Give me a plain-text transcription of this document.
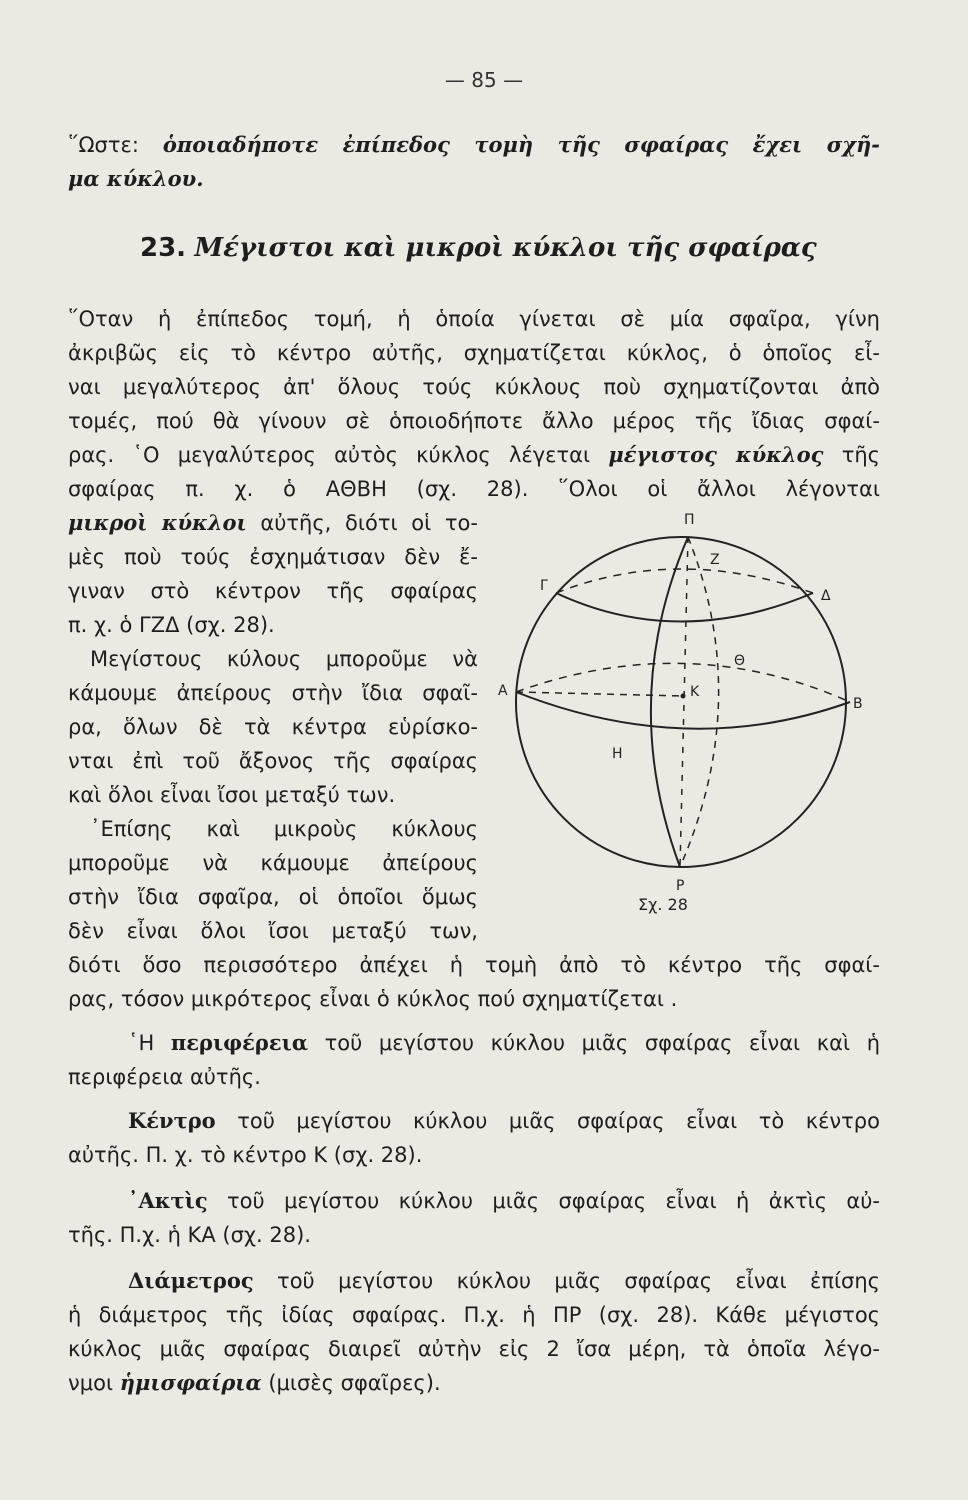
— 85 —
῞Ωστε: ὁποιαδήποτε ἐπίπεδος τομὴ τῆς σφαίρας ἔχει σχῆ-
μα κύκλου.
23. Μέγιστοι καὶ μικροὶ κύκλοι τῆς σφαίρας
῞Οταν ἡ ἐπίπεδος τομή, ἡ ὁποία γίνεται σὲ μία σφαῖρα, γίνη
ἀκριβῶς εἰς τὸ κέντρο αὐτῆς, σχηματίζεται κύκλος, ὁ ὁποῖος εἶ-
ναι μεγαλύτερος ἀπ' ὅλους τούς κύκλους ποὺ σχηματίζονται ἀπὸ
τομές, πού θὰ γίνουν σὲ ὁποιοδήποτε ἄλλο μέρος τῆς ἴδιας σφαί-
ρας. ῾Ο μεγαλύτερος αὐτὸς κύκλος λέγεται μέγιστος κύκλος τῆς
σφαίρας π. χ. ὁ ΑΘΒΗ (σχ. 28). ῞Ολοι οἱ ἄλλοι λέγονται
μικροὶ κύκλοι αὐτῆς, διότι οἱ το-
μὲς ποὺ τούς ἐσχημάτισαν δὲν ἔ-
γιναν στὸ κέντρον τῆς σφαίρας
π. χ. ὁ ΓΖΔ (σχ. 28).
Μεγίστους κύλους μποροῦμε νὰ
κάμουμε ἀπείρους στὴν ἴδια σφαῖ-
ρα, ὅλων δὲ τὰ κέντρα εὑρίσκο-
νται ἐπὶ τοῦ ἄξονος τῆς σφαίρας
καὶ ὅλοι εἶναι ἴσοι μεταξύ των.
᾿Επίσης καὶ μικροὺς κύκλους
μποροῦμε νὰ κάμουμε ἀπείρους
στὴν ἴδια σφαῖρα, οἱ ὁποῖοι ὅμως
δὲν εἶναι ὅλοι ἴσοι μεταξύ των,
διότι ὅσο περισσότερο ἀπέχει ἡ τομὴ ἀπὸ τὸ κέντρο τῆς σφαί-
ρας, τόσον μικρότερος εἶναι ὁ κύκλος πού σχηματίζεται .
῾Η περιφέρεια τοῦ μεγίστου κύκλου μιᾶς σφαίρας εἶναι καὶ ἡ
περιφέρεια αὐτῆς.
Κέντρο τοῦ μεγίστου κύκλου μιᾶς σφαίρας εἶναι τὸ κέντρο
αὐτῆς. Π. χ. τὸ κέντρο Κ (σχ. 28).
᾿Ακτὶς τοῦ μεγίστου κύκλου μιᾶς σφαίρας εἶναι ἡ ἀκτὶς αὐ-
τῆς. Π.χ. ἡ ΚΑ (σχ. 28).
Διάμετρος τοῦ μεγίστου κύκλου μιᾶς σφαίρας εἶναι ἐπίσης
ἡ διάμετρος τῆς ἰδίας σφαίρας. Π.χ. ἡ ΠΡ (σχ. 28). Κάθε μέγιστος
κύκλος μιᾶς σφαίρας διαιρεῖ αὐτὴν εἰς 2 ἴσα μέρη, τὰ ὁποῖα λέγο-
νμοι ἡμισφαίρια (μισὲς σφαῖρες).
Π
Ζ
Γ
Δ
Θ
Α	Κ
Β
Η
Ρ
Σχ. 28
